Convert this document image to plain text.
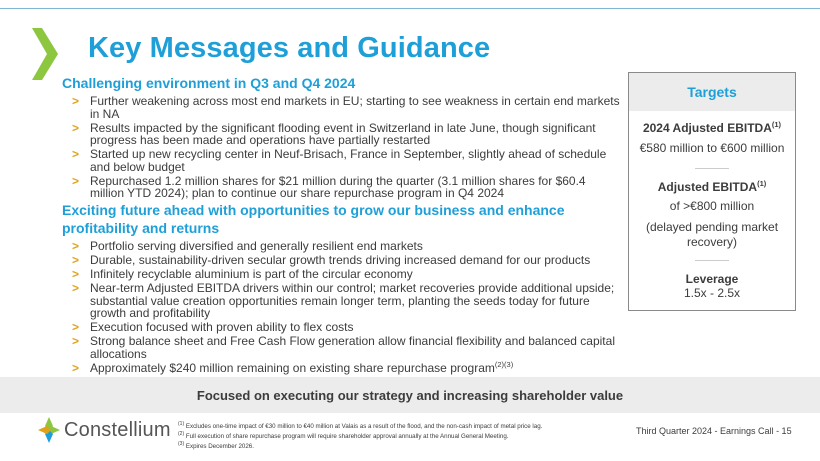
Key Messages and Guidance
Challenging environment in Q3 and Q4 2024
> Further weakening across most end markets in EU; starting to see weakness in certain end markets in NA
> Results impacted by the significant flooding event in Switzerland in late June, though significant progress has been made and operations have partially restarted
> Started up new recycling center in Neuf-Brisach, France in September, slightly ahead of schedule and below budget
> Repurchased 1.2 million shares for $21 million during the quarter (3.1 million shares for $60.4 million YTD 2024); plan to continue our share repurchase program in Q4 2024
Exciting future ahead with opportunities to grow our business and enhance profitability and returns
> Portfolio serving diversified and generally resilient end markets
> Durable, sustainability-driven secular growth trends driving increased demand for our products
> Infinitely recyclable aluminium is part of the circular economy
> Near-term Adjusted EBITDA drivers within our control; market recoveries provide additional upside; substantial value creation opportunities remain longer term, planting the seeds today for future growth and profitability
> Execution focused with proven ability to flex costs
> Strong balance sheet and Free Cash Flow generation allow financial flexibility and balanced capital allocations
> Approximately $240 million remaining on existing share repurchase program$^{(2)(3)}$
Targets
2024 Adjusted EBITDA$^{(1)}$
€580 million to €600 million
Adjusted EBITDA$^{(1)}$
of >€800 million
(delayed pending market recovery)
Leverage
1.5x - 2.5x
Focused on executing our strategy and increasing shareholder value
Constellium $^{(1)}$ Excludes one-time impact of €30 million to €40 million at Valais as a result of the flood, and the non-cash impact of metal price lag.
$^{(2)}$ Full execution of share repurchase program will require shareholder approval annually at the Annual General Meeting.
$^{(3)}$ Expires December 2026.
Third Quarter 2024 - Earnings Call - 15
